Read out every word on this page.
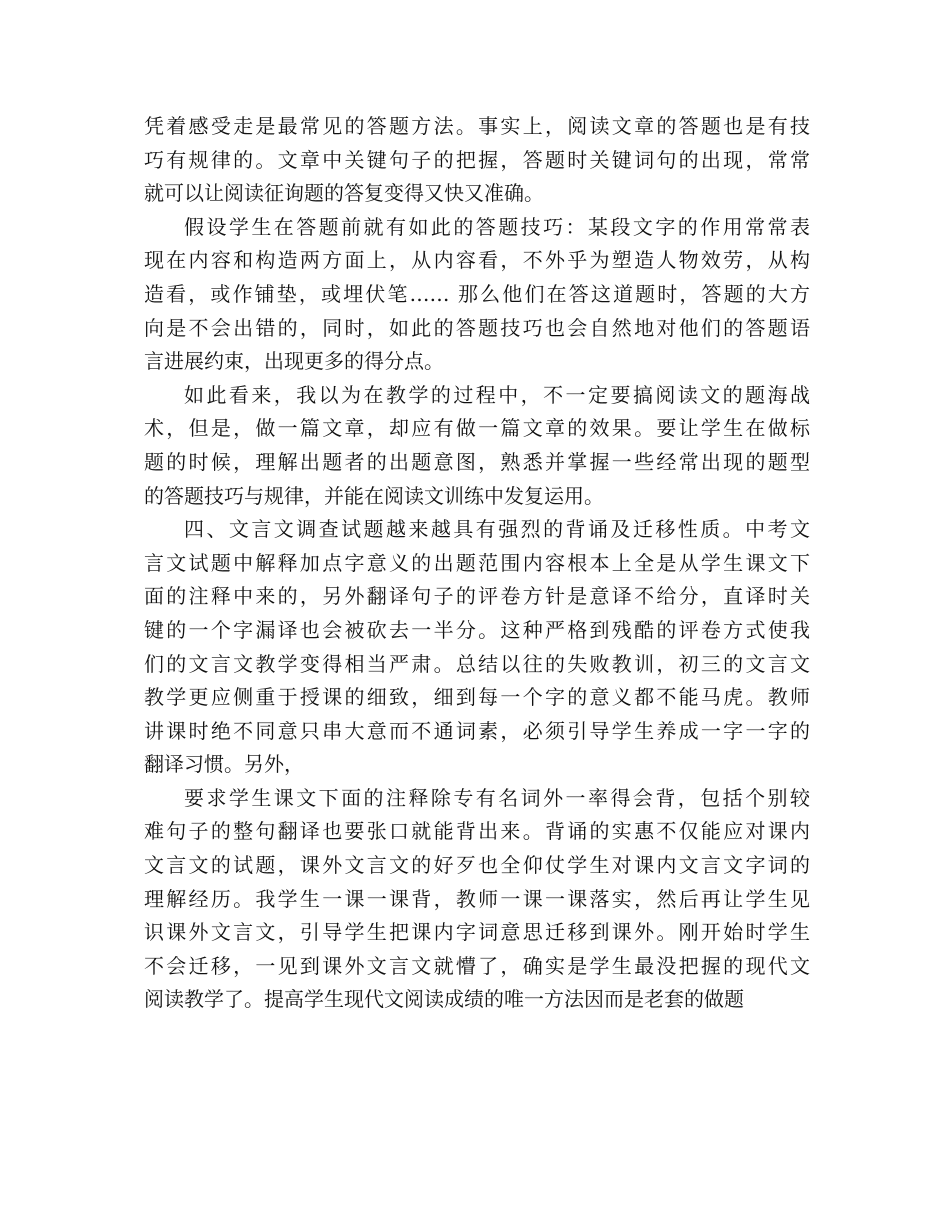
凭着感受走是最常见的答题方法。事实上，阅读文章的答题也是有技
巧有规律的。文章中关键句子的把握，答题时关键词句的出现，常常
就可以让阅读征询题的答复变得又快又准确。
假设学生在答题前就有如此的答题技巧：某段文字的作用常常表
现在内容和构造两方面上，从内容看，不外乎为塑造人物效劳，从构
造看，或作铺垫，或埋伏笔…… 那么他们在答这道题时，答题的大方
向是不会出错的，同时，如此的答题技巧也会自然地对他们的答题语
言进展约束，出现更多的得分点。
如此看来，我以为在教学的过程中，不一定要搞阅读文的题海战
术，但是，做一篇文章，却应有做一篇文章的效果。要让学生在做标
题的时候，理解出题者的出题意图，熟悉并掌握一些经常出现的题型
的答题技巧与规律，并能在阅读文训练中发复运用。
四、文言文调查试题越来越具有强烈的背诵及迁移性质。中考文
言文试题中解释加点字意义的出题范围内容根本上全是从学生课文下
面的注释中来的，另外翻译句子的评卷方针是意译不给分，直译时关
键的一个字漏译也会被砍去一半分。这种严格到残酷的评卷方式使我
们的文言文教学变得相当严肃。总结以往的失败教训，初三的文言文
教学更应侧重于授课的细致，细到每一个字的意义都不能马虎。教师
讲课时绝不同意只串大意而不通词素，必须引导学生养成一字一字的
翻译习惯。另外，
要求学生课文下面的注释除专有名词外一率得会背，包括个别较
难句子的整句翻译也要张口就能背出来。背诵的实惠不仅能应对课内
文言文的试题，课外文言文的好歹也全仰仗学生对课内文言文字词的
理解经历。我学生一课一课背，教师一课一课落实，然后再让学生见
识课外文言文，引导学生把课内字词意思迁移到课外。刚开始时学生
不会迁移，一见到课外文言文就懵了，确实是学生最没把握的现代文
阅读教学了。提高学生现代文阅读成绩的唯一方法因而是老套的做题
